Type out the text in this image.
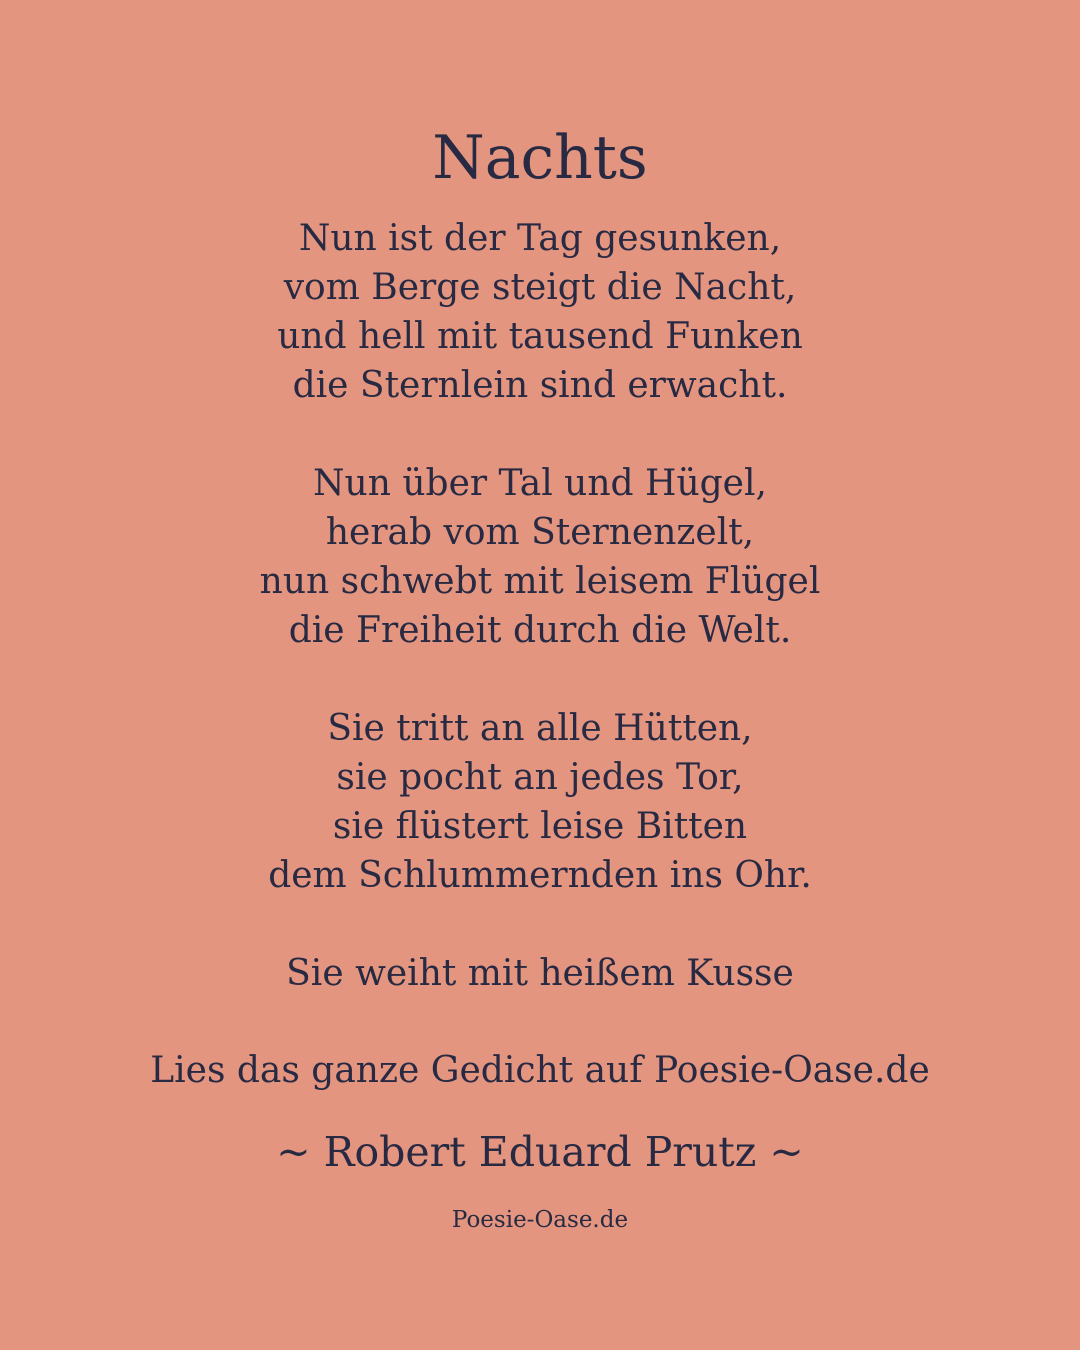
Nachts
Nun ist der Tag gesunken,
vom Berge steigt die Nacht,
und hell mit tausend Funken
die Sternlein sind erwacht.
Nun über Tal und Hügel,
herab vom Sternenzelt,
nun schwebt mit leisem Flügel
die Freiheit durch die Welt.
Sie tritt an alle Hütten,
sie pocht an jedes Tor,
sie flüstert leise Bitten
dem Schlummernden ins Ohr.
Sie weiht mit heißem Kusse
Lies das ganze Gedicht auf Poesie-Oase.de
~ Robert Eduard Prutz ~
Poesie-Oase.de
